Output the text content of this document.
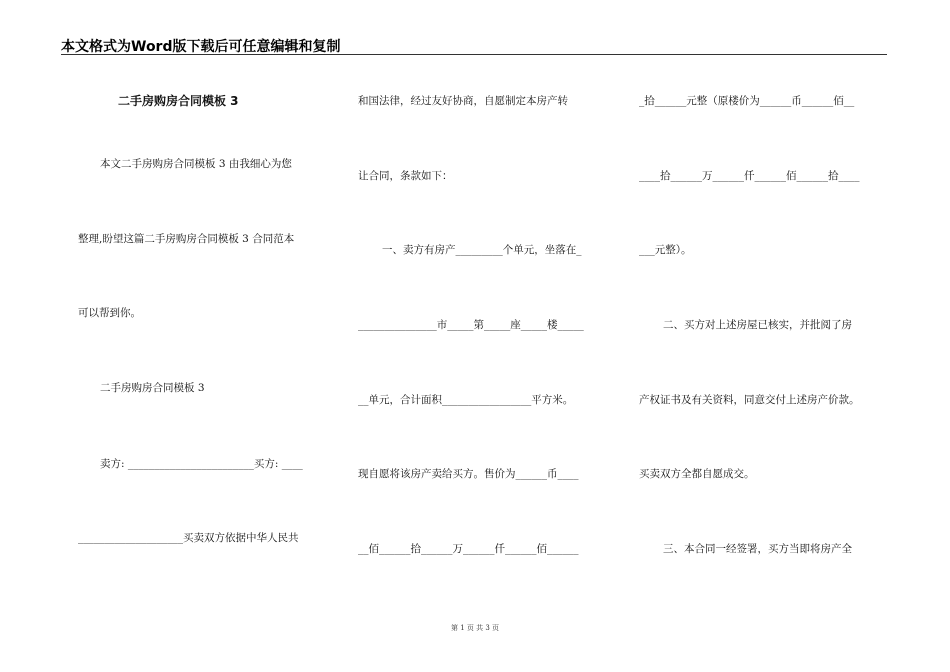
本文格式为Word版下载后可任意编辑和复制
二手房购房合同模板 3
本文二手房购房合同模板 3 由我细心为您
整理,盼望这篇二手房购房合同模板 3 合同范本
可以帮到你。
二手房购房合同模板 3
卖方: ________________________买方: ____
____________________买卖双方依据中华人民共
和国法律，经过友好协商，自愿制定本房产转
让合同，条款如下：
一、卖方有房产_________个单元，坐落在_
_______________市_____第_____座_____楼_____
__单元，合计面积_________________平方米。
现自愿将该房产卖给买方。售价为______币____
__佰______拾______万______仟______佰______
_拾______元整（原楼价为______币______佰__
____拾______万______仟______佰______拾____
___元整）。
二、买方对上述房屋已核实，并批阅了房
产权证书及有关资料，同意交付上述房产价款。
买卖双方全都自愿成交。
三、本合同一经签署，买方当即将房产全
第 1 页 共 3 页
